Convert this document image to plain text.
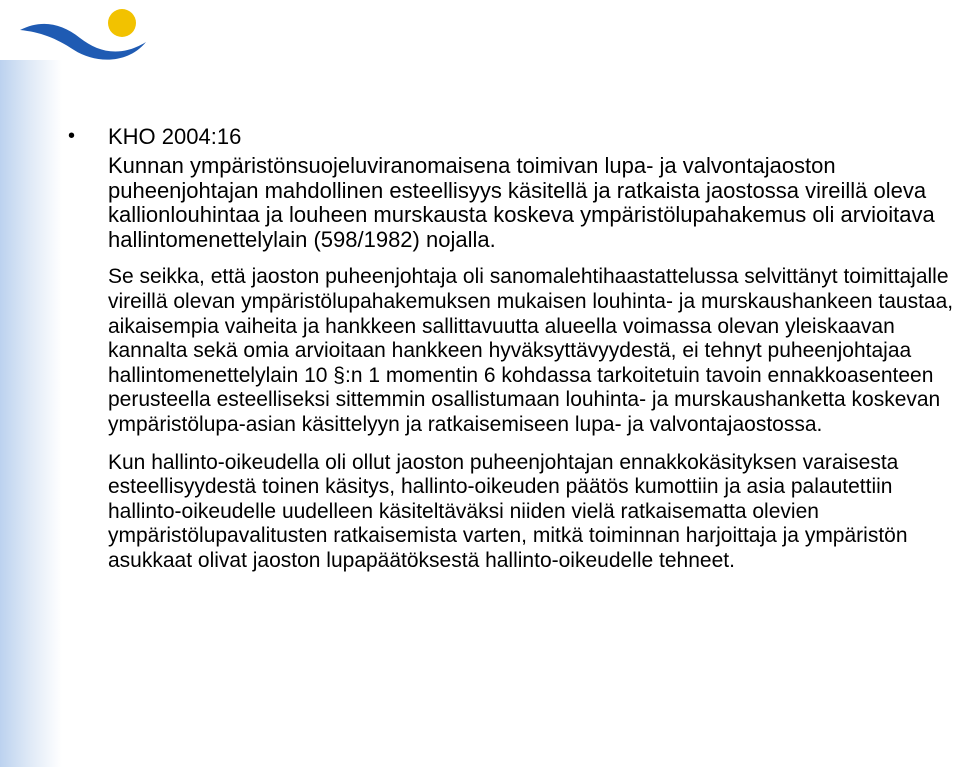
• KHO 2004:16

Kunnan ympäristönsuojeluviranomaisena toimivan lupa- ja valvontajaoston puheenjohtajan mahdollinen esteellisyys käsitellä ja ratkaista jaostossa vireillä oleva kallionlouhintaa ja louheen murskausta koskeva ympäristölupahakemus oli arvioitava hallintomenettelylain (598/1982) nojalla.

Se seikka, että jaoston puheenjohtaja oli sanomalehtihaastattelussa selvittänyt toimittajalle vireillä olevan ympäristölupahakemuksen mukaisen louhinta- ja murskaushankeen taustaa, aikaisempia vaiheita ja hankkeen sallittavuutta alueella voimassa olevan yleiskaavan kannalta sekä omia arvioitaan hankkeen hyväksyttävyydestä, ei tehnyt puheenjohtajaa hallintomenettelylain 10 §:n 1 momentin 6 kohdassa tarkoitetuin tavoin ennakkoasenteen perusteella esteelliseksi sittemmin osallistumaan louhinta- ja murskaushanketta koskevan ympäristölupa-asian käsittelyyn ja ratkaisemiseen lupa- ja valvontajaostossa.

Kun hallinto-oikeudella oli ollut jaoston puheenjohtajan ennakkokäsityksen varaisesta esteellisyydestä toinen käsitys, hallinto-oikeuden päätös kumottiin ja asia palautettiin hallinto-oikeudelle uudelleen käsiteltäväksi niiden vielä ratkaisematta olevien ympäristölupavalitusten ratkaisemista varten, mitkä toiminnan harjoittaja ja ympäristön asukkaat olivat jaoston lupapäätöksestä hallinto-oikeudelle tehneet.
